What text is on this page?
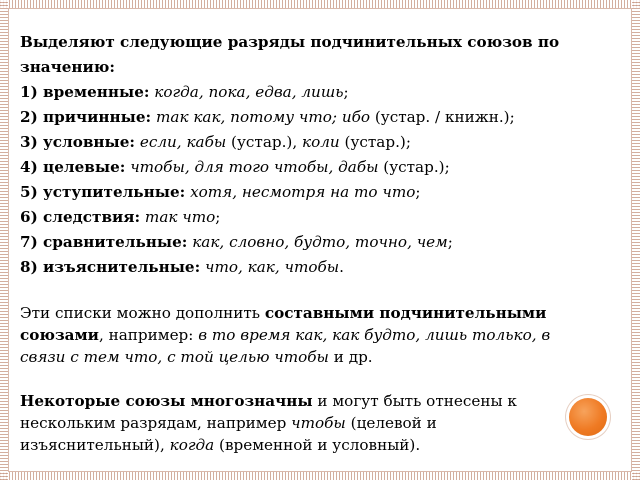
Выделяют следующие разряды подчинительных союзов по
значению:
1) временные: когда, пока, едва, лишь;
2) причинные: так как, потому что; ибо (устар. / книжн.);
3) условные: если, кабы (устар.), коли (устар.);
4) целевые: чтобы, для того чтобы, дабы (устар.);
5) уступительные: хотя, несмотря на то что;
6) следствия: так что;
7) сравнительные: как, словно, будто, точно, чем;
8) изъяснительные: что, как, чтобы.
Эти списки можно дополнить составными подчинительными
союзами, например: в то время как, как будто, лишь только, в
связи с тем что, с той целью чтобы и др.
Некоторые союзы многозначны и могут быть отнесены к
нескольким разрядам, например чтобы (целевой и
изъяснительный), когда (временной и условный).
